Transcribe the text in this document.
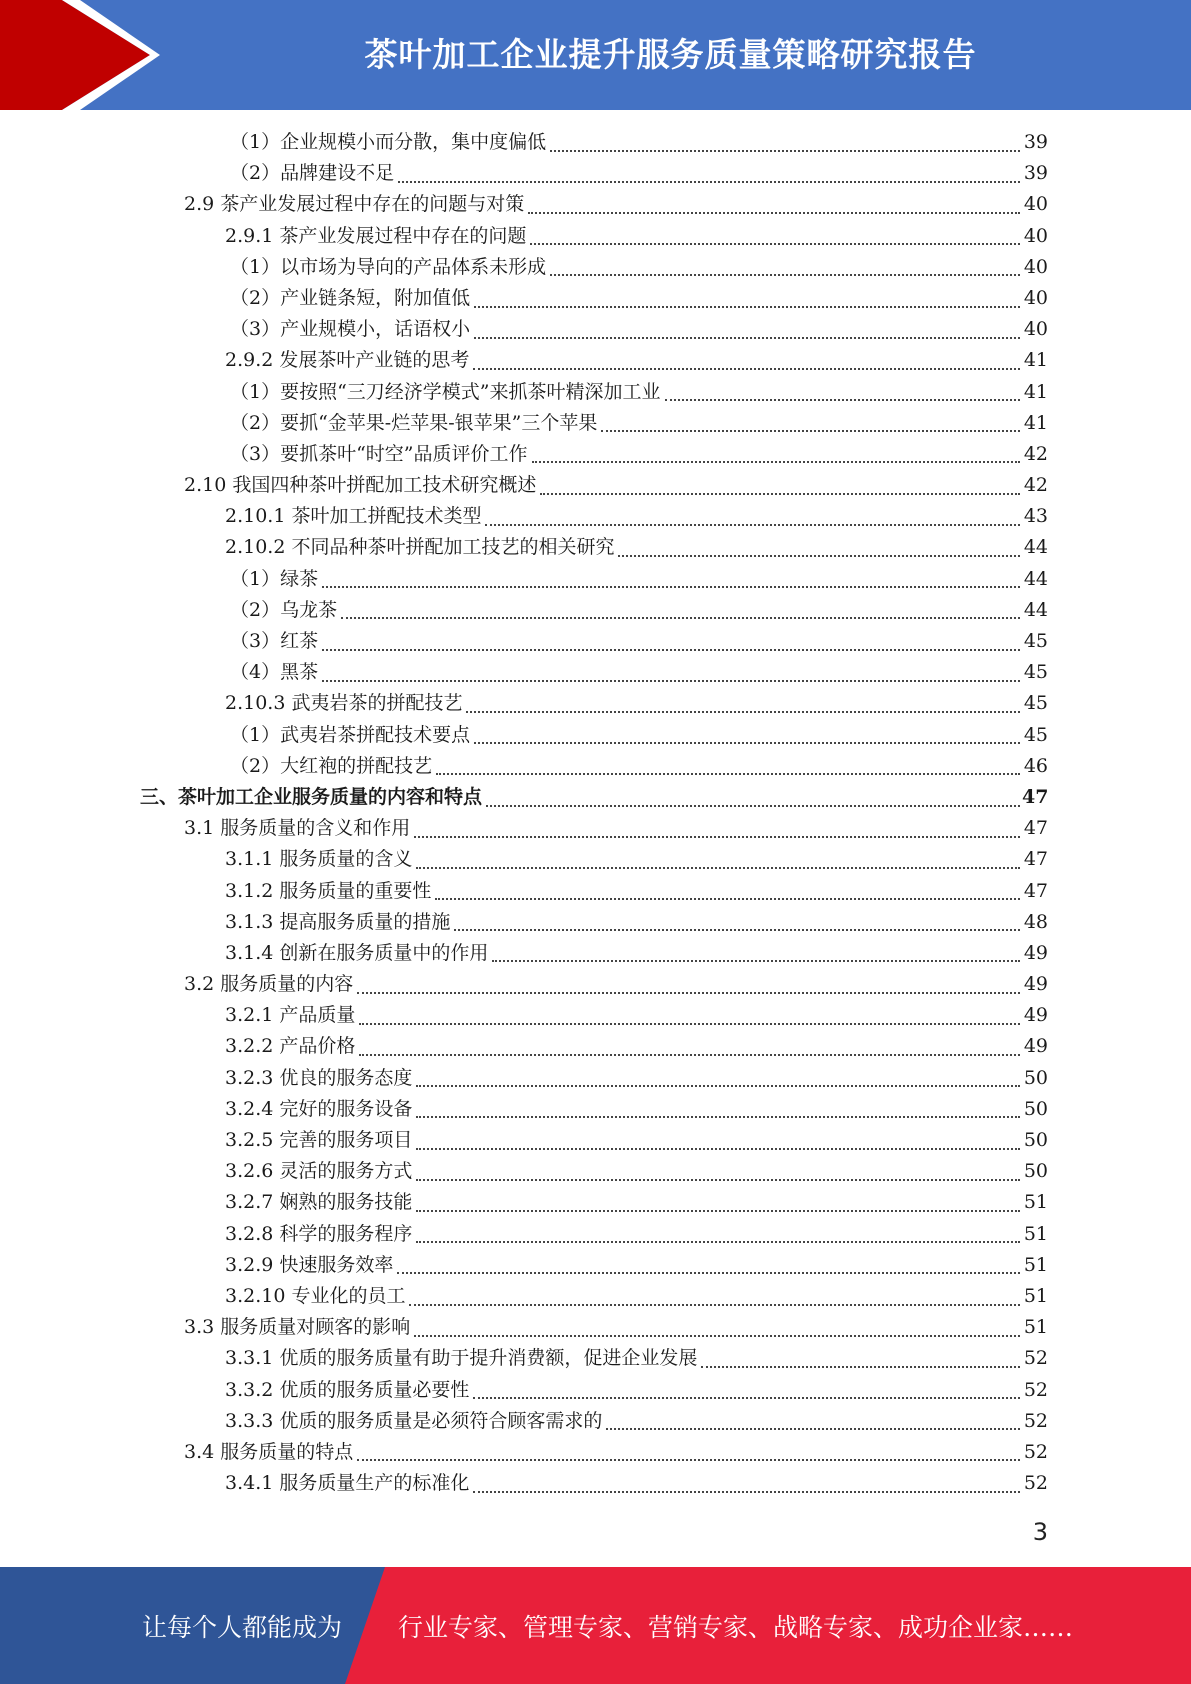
茶叶加工企业提升服务质量策略研究报告
（1）企业规模小而分散，集中度偏低	39
（2）品牌建设不足	39
2.9 茶产业发展过程中存在的问题与对策	40
2.9.1 茶产业发展过程中存在的问题	40
（1）以市场为导向的产品体系未形成	40
（2）产业链条短，附加值低	40
（3）产业规模小，话语权小	40
2.9.2 发展茶叶产业链的思考	41
（1）要按照“三刀经济学模式”来抓茶叶精深加工业	41
（2）要抓“金苹果-烂苹果-银苹果”三个苹果	41
（3）要抓茶叶“时空”品质评价工作	42
2.10 我国四种茶叶拼配加工技术研究概述	42
2.10.1 茶叶加工拼配技术类型	43
2.10.2 不同品种茶叶拼配加工技艺的相关研究	44
（1）绿茶	44
（2）乌龙茶	44
（3）红茶	45
（4）黑茶	45
2.10.3 武夷岩茶的拼配技艺	45
（1）武夷岩茶拼配技术要点	45
（2）大红袍的拼配技艺	46
三、茶叶加工企业服务质量的内容和特点	47
3.1 服务质量的含义和作用	47
3.1.1 服务质量的含义	47
3.1.2 服务质量的重要性	47
3.1.3 提高服务质量的措施	48
3.1.4 创新在服务质量中的作用	49
3.2 服务质量的内容	49
3.2.1 产品质量	49
3.2.2 产品价格	49
3.2.3 优良的服务态度	50
3.2.4 完好的服务设备	50
3.2.5 完善的服务项目	50
3.2.6 灵活的服务方式	50
3.2.7 娴熟的服务技能	51
3.2.8 科学的服务程序	51
3.2.9 快速服务效率	51
3.2.10 专业化的员工	51
3.3 服务质量对顾客的影响	51
3.3.1 优质的服务质量有助于提升消费额，促进企业发展	52
3.3.2 优质的服务质量必要性	52
3.3.3 优质的服务质量是必须符合顾客需求的	52
3.4 服务质量的特点	52
3.4.1 服务质量生产的标准化	52
3
让每个人都能成为 行业专家、管理专家、营销专家、战略专家、成功企业家……
